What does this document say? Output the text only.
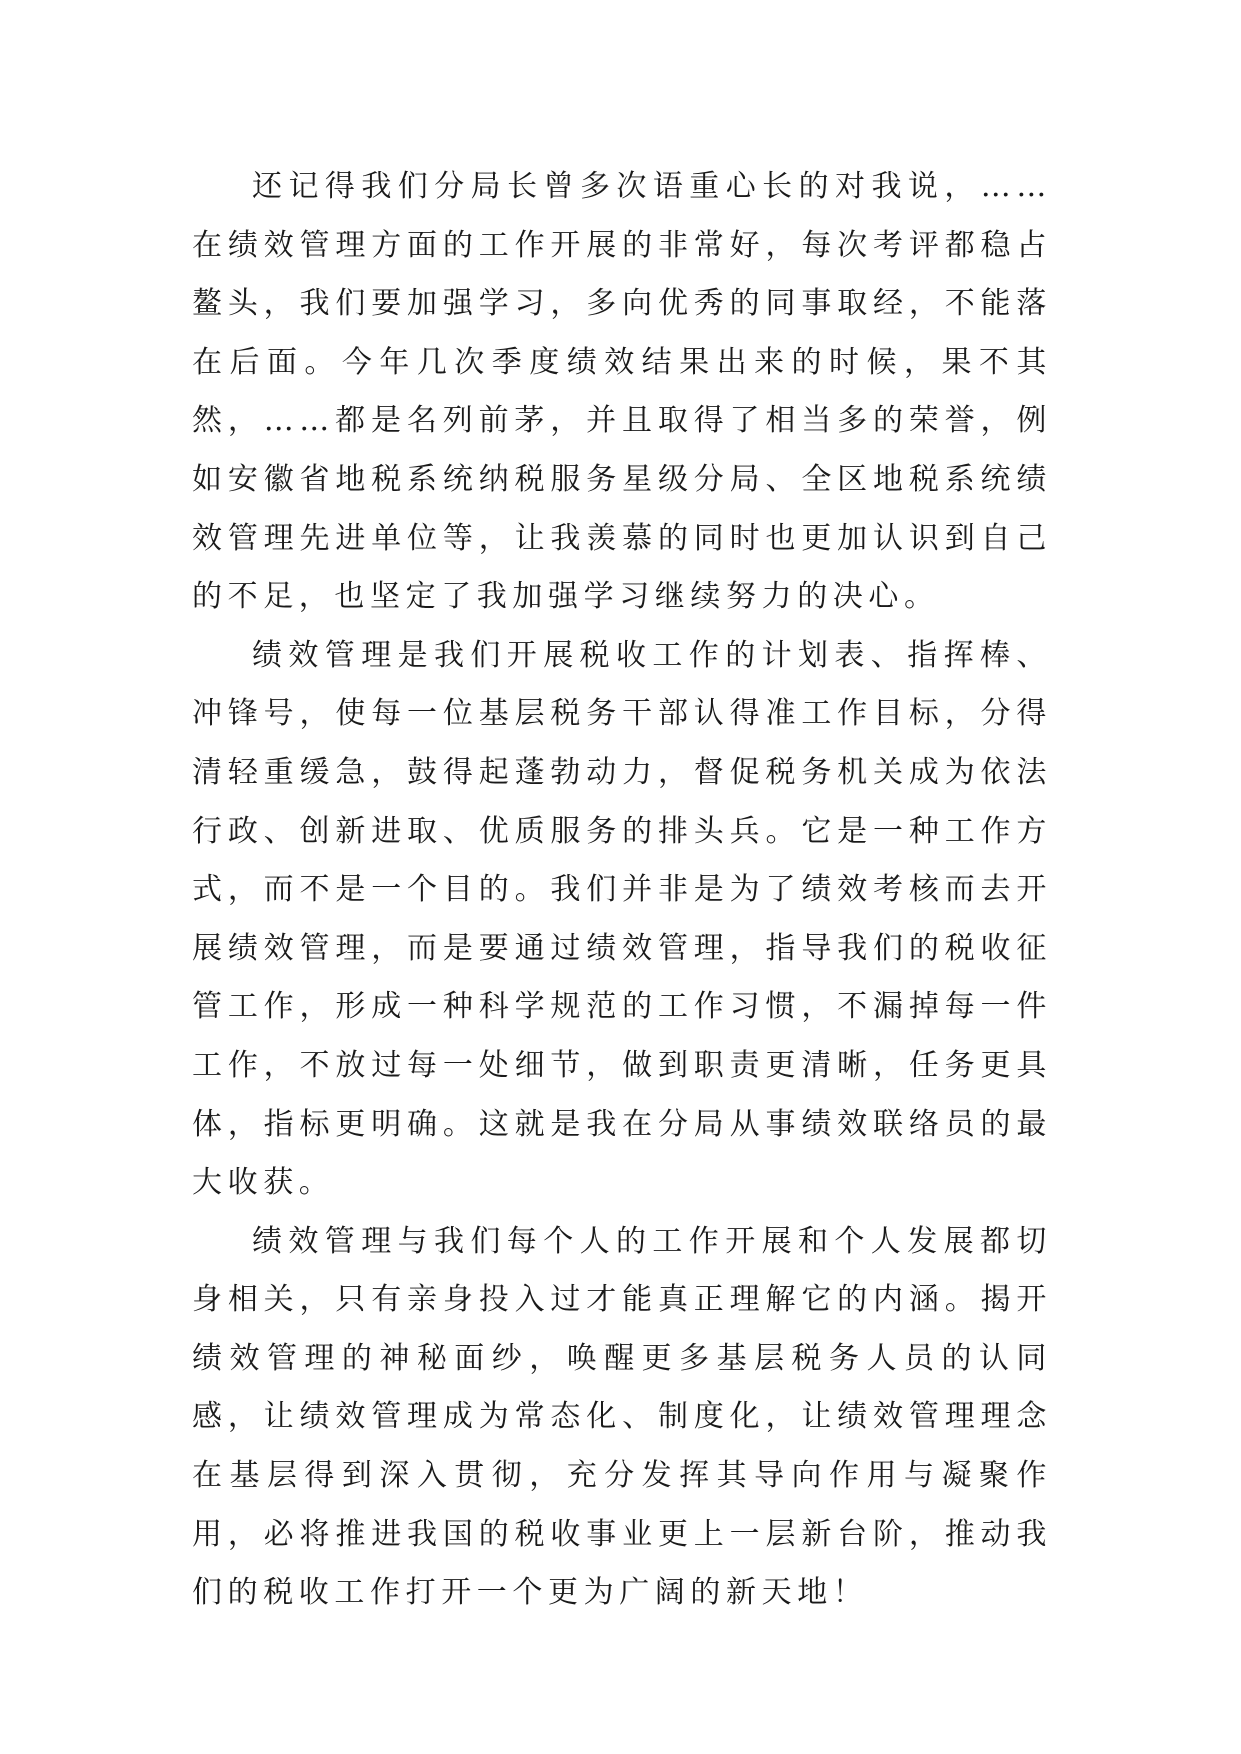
还记得我们分局长曾多次语重心长的对我说，……在绩效管理方面的工作开展的非常好，每次考评都稳占鳌头，我们要加强学习，多向优秀的同事取经，不能落在后面。今年几次季度绩效结果出来的时候，果不其然，……都是名列前茅，并且取得了相当多的荣誉，例如安徽省地税系统纳税服务星级分局、全区地税系统绩效管理先进单位等，让我羡慕的同时也更加认识到自己的不足，也坚定了我加强学习继续努力的决心。

绩效管理是我们开展税收工作的计划表、指挥棒、冲锋号，使每一位基层税务干部认得准工作目标，分得清轻重缓急，鼓得起蓬勃动力，督促税务机关成为依法行政、创新进取、优质服务的排头兵。它是一种工作方式，而不是一个目的。我们并非是为了绩效考核而去开展绩效管理，而是要通过绩效管理，指导我们的税收征管工作，形成一种科学规范的工作习惯，不漏掉每一件工作，不放过每一处细节，做到职责更清晰，任务更具体，指标更明确。这就是我在分局从事绩效联络员的最大收获。

绩效管理与我们每个人的工作开展和个人发展都切身相关，只有亲身投入过才能真正理解它的内涵。揭开绩效管理的神秘面纱，唤醒更多基层税务人员的认同感，让绩效管理成为常态化、制度化，让绩效管理理念在基层得到深入贯彻，充分发挥其导向作用与凝聚作用，必将推进我国的税收事业更上一层新台阶，推动我们的税收工作打开一个更为广阔的新天地！
